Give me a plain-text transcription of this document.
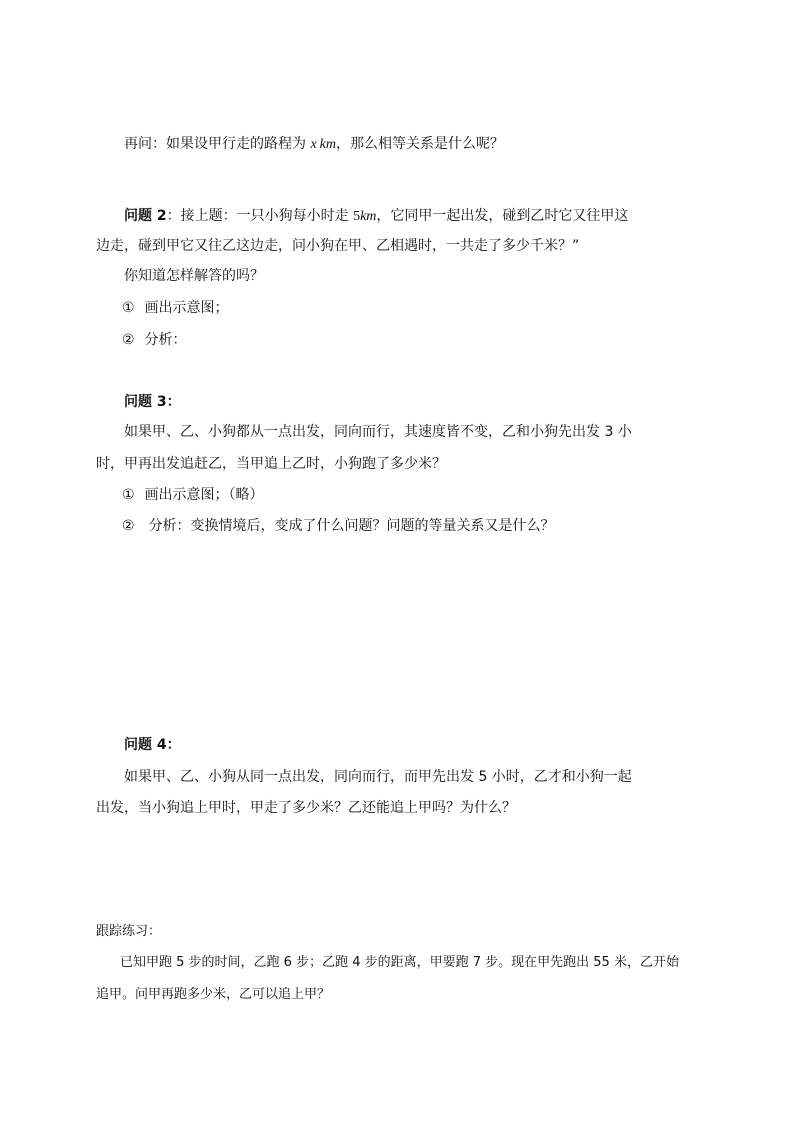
再问：如果设甲行走的路程为 x km，那么相等关系是什么呢？
问题 2：接上题：一只小狗每小时走 5km，它同甲一起出发，碰到乙时它又往甲这
边走，碰到甲它又往乙这边走，问小狗在甲、乙相遇时，一共走了多少千米？”
你知道怎样解答的吗？
① 画出示意图；
② 分析：
问题 3：
如果甲、乙、小狗都从一点出发，同向而行，其速度皆不变，乙和小狗先出发 3 小
时，甲再出发追赶乙，当甲追上乙时，小狗跑了多少米？
① 画出示意图；（略）
② 分析：变换情境后，变成了什么问题？问题的等量关系又是什么？
问题 4：
如果甲、乙、小狗从同一点出发，同向而行，而甲先出发 5 小时，乙才和小狗一起
出发，当小狗追上甲时，甲走了多少米？乙还能追上甲吗？为什么？
跟踪练习：
已知甲跑 5 步的时间，乙跑 6 步；乙跑 4 步的距离，甲要跑 7 步。现在甲先跑出 55 米，乙开始
追甲。问甲再跑多少米，乙可以追上甲？
